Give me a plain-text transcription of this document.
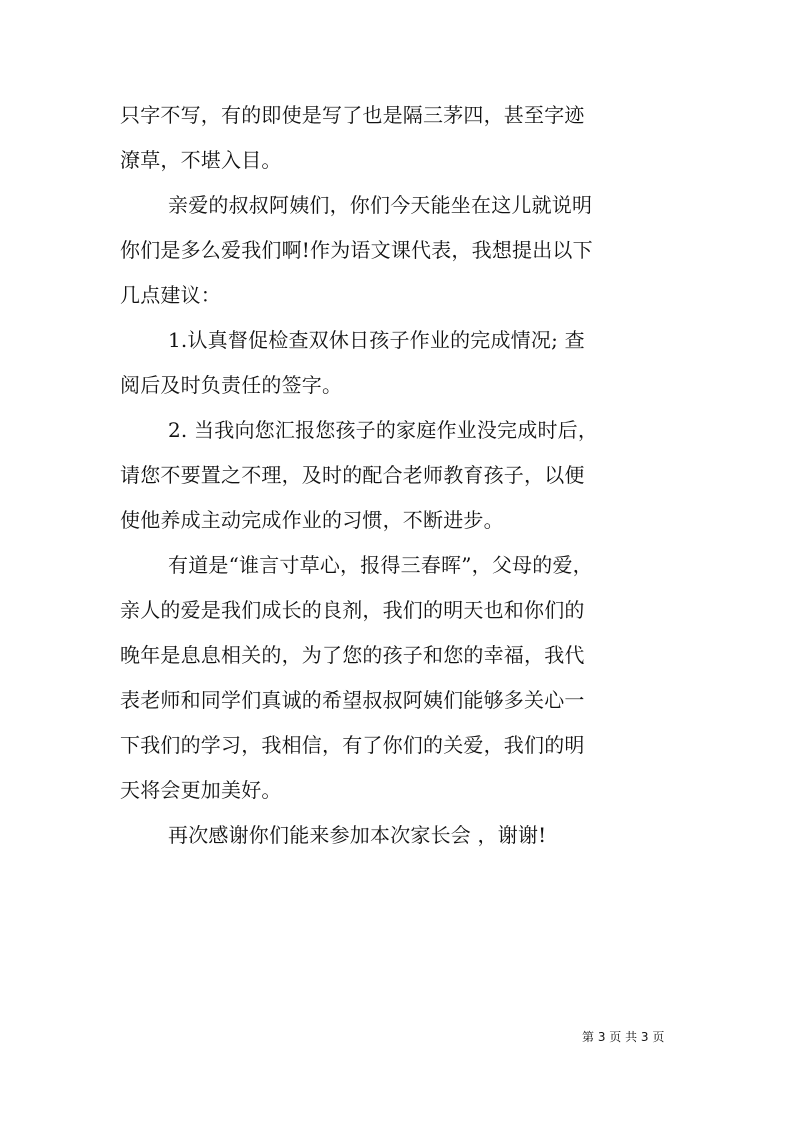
只字不写，有的即使是写了也是隔三茅四，甚至字迹
潦草，不堪入目。
亲爱的叔叔阿姨们，你们今天能坐在这儿就说明
你们是多么爱我们啊!作为语文课代表，我想提出以下
几点建议：
1.认真督促检查双休日孩子作业的完成情况; 查
阅后及时负责任的签字。
2. 当我向您汇报您孩子的家庭作业没完成时后，
请您不要置之不理，及时的配合老师教育孩子，以便
使他养成主动完成作业的习惯，不断进步。
有道是“谁言寸草心，报得三春晖”，父母的爱，
亲人的爱是我们成长的良剂，我们的明天也和你们的
晚年是息息相关的，为了您的孩子和您的幸福，我代
表老师和同学们真诚的希望叔叔阿姨们能够多关心一
下我们的学习，我相信，有了你们的关爱，我们的明
天将会更加美好。
再次感谢你们能来参加本次家长会 ，谢谢!
第 3 页 共 3 页
